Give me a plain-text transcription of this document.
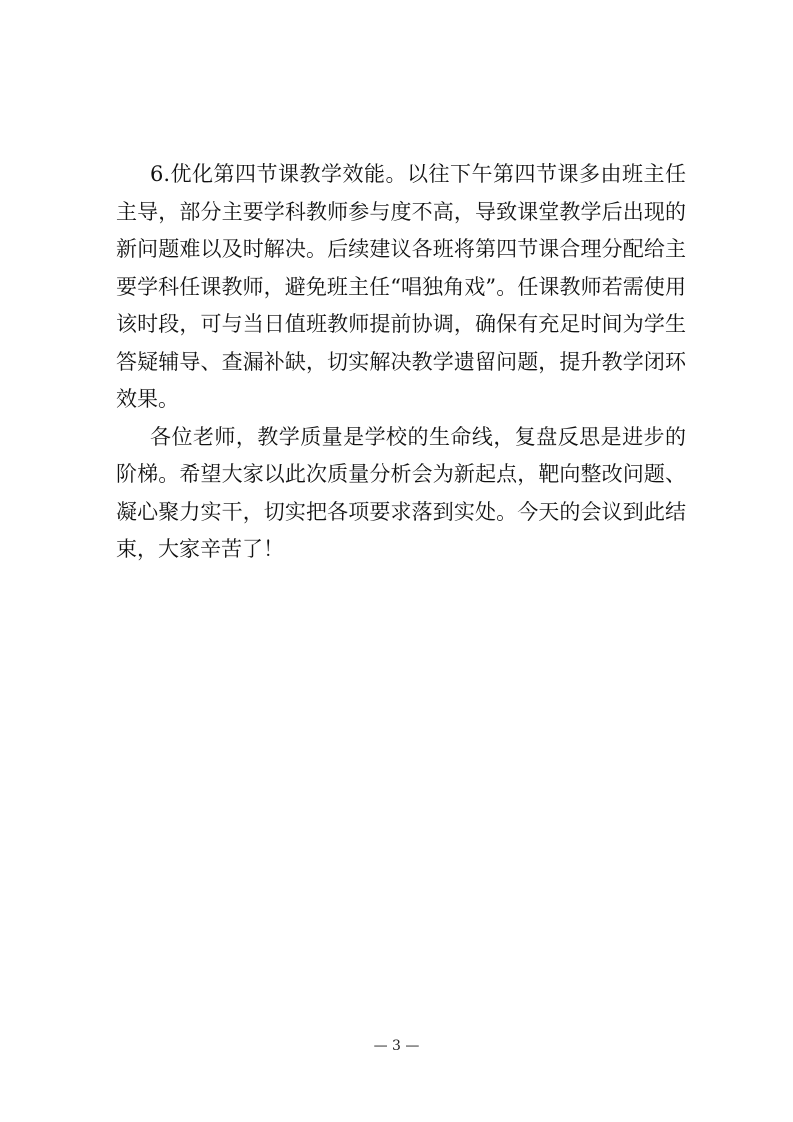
6.优化第四节课教学效能。以往下午第四节课多由班主任
主导，部分主要学科教师参与度不高，导致课堂教学后出现的
新问题难以及时解决。后续建议各班将第四节课合理分配给主
要学科任课教师，避免班主任“唱独角戏”。任课教师若需使用
该时段，可与当日值班教师提前协调，确保有充足时间为学生
答疑辅导、查漏补缺，切实解决教学遗留问题，提升教学闭环
效果。
各位老师，教学质量是学校的生命线，复盘反思是进步的
阶梯。希望大家以此次质量分析会为新起点，靶向整改问题、
凝心聚力实干，切实把各项要求落到实处。今天的会议到此结
束，大家辛苦了！
— 3 —
